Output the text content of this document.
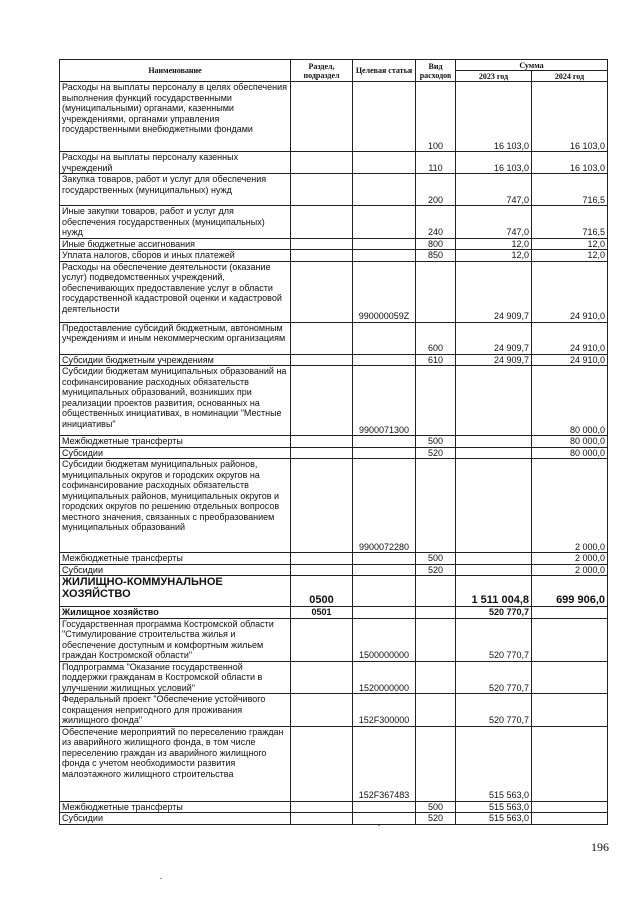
Наименование	Раздел, подраздел	Целевая статья	Вид расходов	Сумма	
				2023 год	2024 год
Расходы на выплаты персоналу в целях обеспечения выполнения функций государственными (муниципальными) органами, казенными учреждениями, органами управления государственными внебюджетными фондами			100	16 103,0	16 103,0
Расходы на выплаты персоналу казенных учреждений			110	16 103,0	16 103,0
Закупка товаров, работ и услуг для обеспечения государственных (муниципальных) нужд			200	747,0	716,5
Иные закупки товаров, работ и услуг для обеспечения государственных (муниципальных) нужд			240	747,0	716,5
Иные бюджетные ассигнования			800	12,0	12,0
Уплата налогов, сборов и иных платежей			850	12,0	12,0
Расходы на обеспечение деятельности (оказание услуг) подведомственных учреждений, обеспечивающих предоставление услуг в области государственной кадастровой оценки и кадастровой деятельности		990000059Z		24 909,7	24 910,0
Предоставление субсидий бюджетным, автономным учреждениям и иным некоммерческим организациям			600	24 909,7	24 910,0
Субсидии бюджетным учреждениям			610	24 909,7	24 910,0
Субсидии бюджетам муниципальных образований на софинансирование расходных обязательств муниципальных образований, возникших при реализации проектов развития, основанных на общественных инициативах, в номинации "Местные инициативы"		9900071300			80 000,0
Межбюджетные трансферты			500		80 000,0
Субсидии			520		80 000,0
Субсидии бюджетам муниципальных районов, муниципальных округов и городских округов на софинансирование расходных обязательств муниципальных районов, муниципальных округов и городских округов по решению отдельных вопросов местного значения, связанных с преобразованием муниципальных образований		9900072280			2 000,0
Межбюджетные трансферты			500		2 000,0
Субсидии			520		2 000,0
ЖИЛИЩНО-КОММУНАЛЬНОЕ ХОЗЯЙСТВО	0500			1 511 004,8	699 906,0
Жилищное хозяйство	0501			520 770,7	
Государственная программа Костромской области "Стимулирование строительства жилья и обеспечение доступным и комфортным жильем граждан Костромской области"		1500000000		520 770,7	
Подпрограмма "Оказание государственной поддержки гражданам в Костромской области в улучшении жилищных условий"		1520000000		520 770,7	
Федеральный проект "Обеспечение устойчивого сокращения непригодного для проживания жилищного фонда"		152F300000		520 770,7	
Обеспечение мероприятий по переселению граждан из аварийного жилищного фонда, в том числе переселению граждан из аварийного жилищного фонда с учетом необходимости развития малоэтажного жилищного строительства		152F367483		515 563,0	
Межбюджетные трансферты			500	515 563,0	
Субсидии			520	515 563,0	
196
